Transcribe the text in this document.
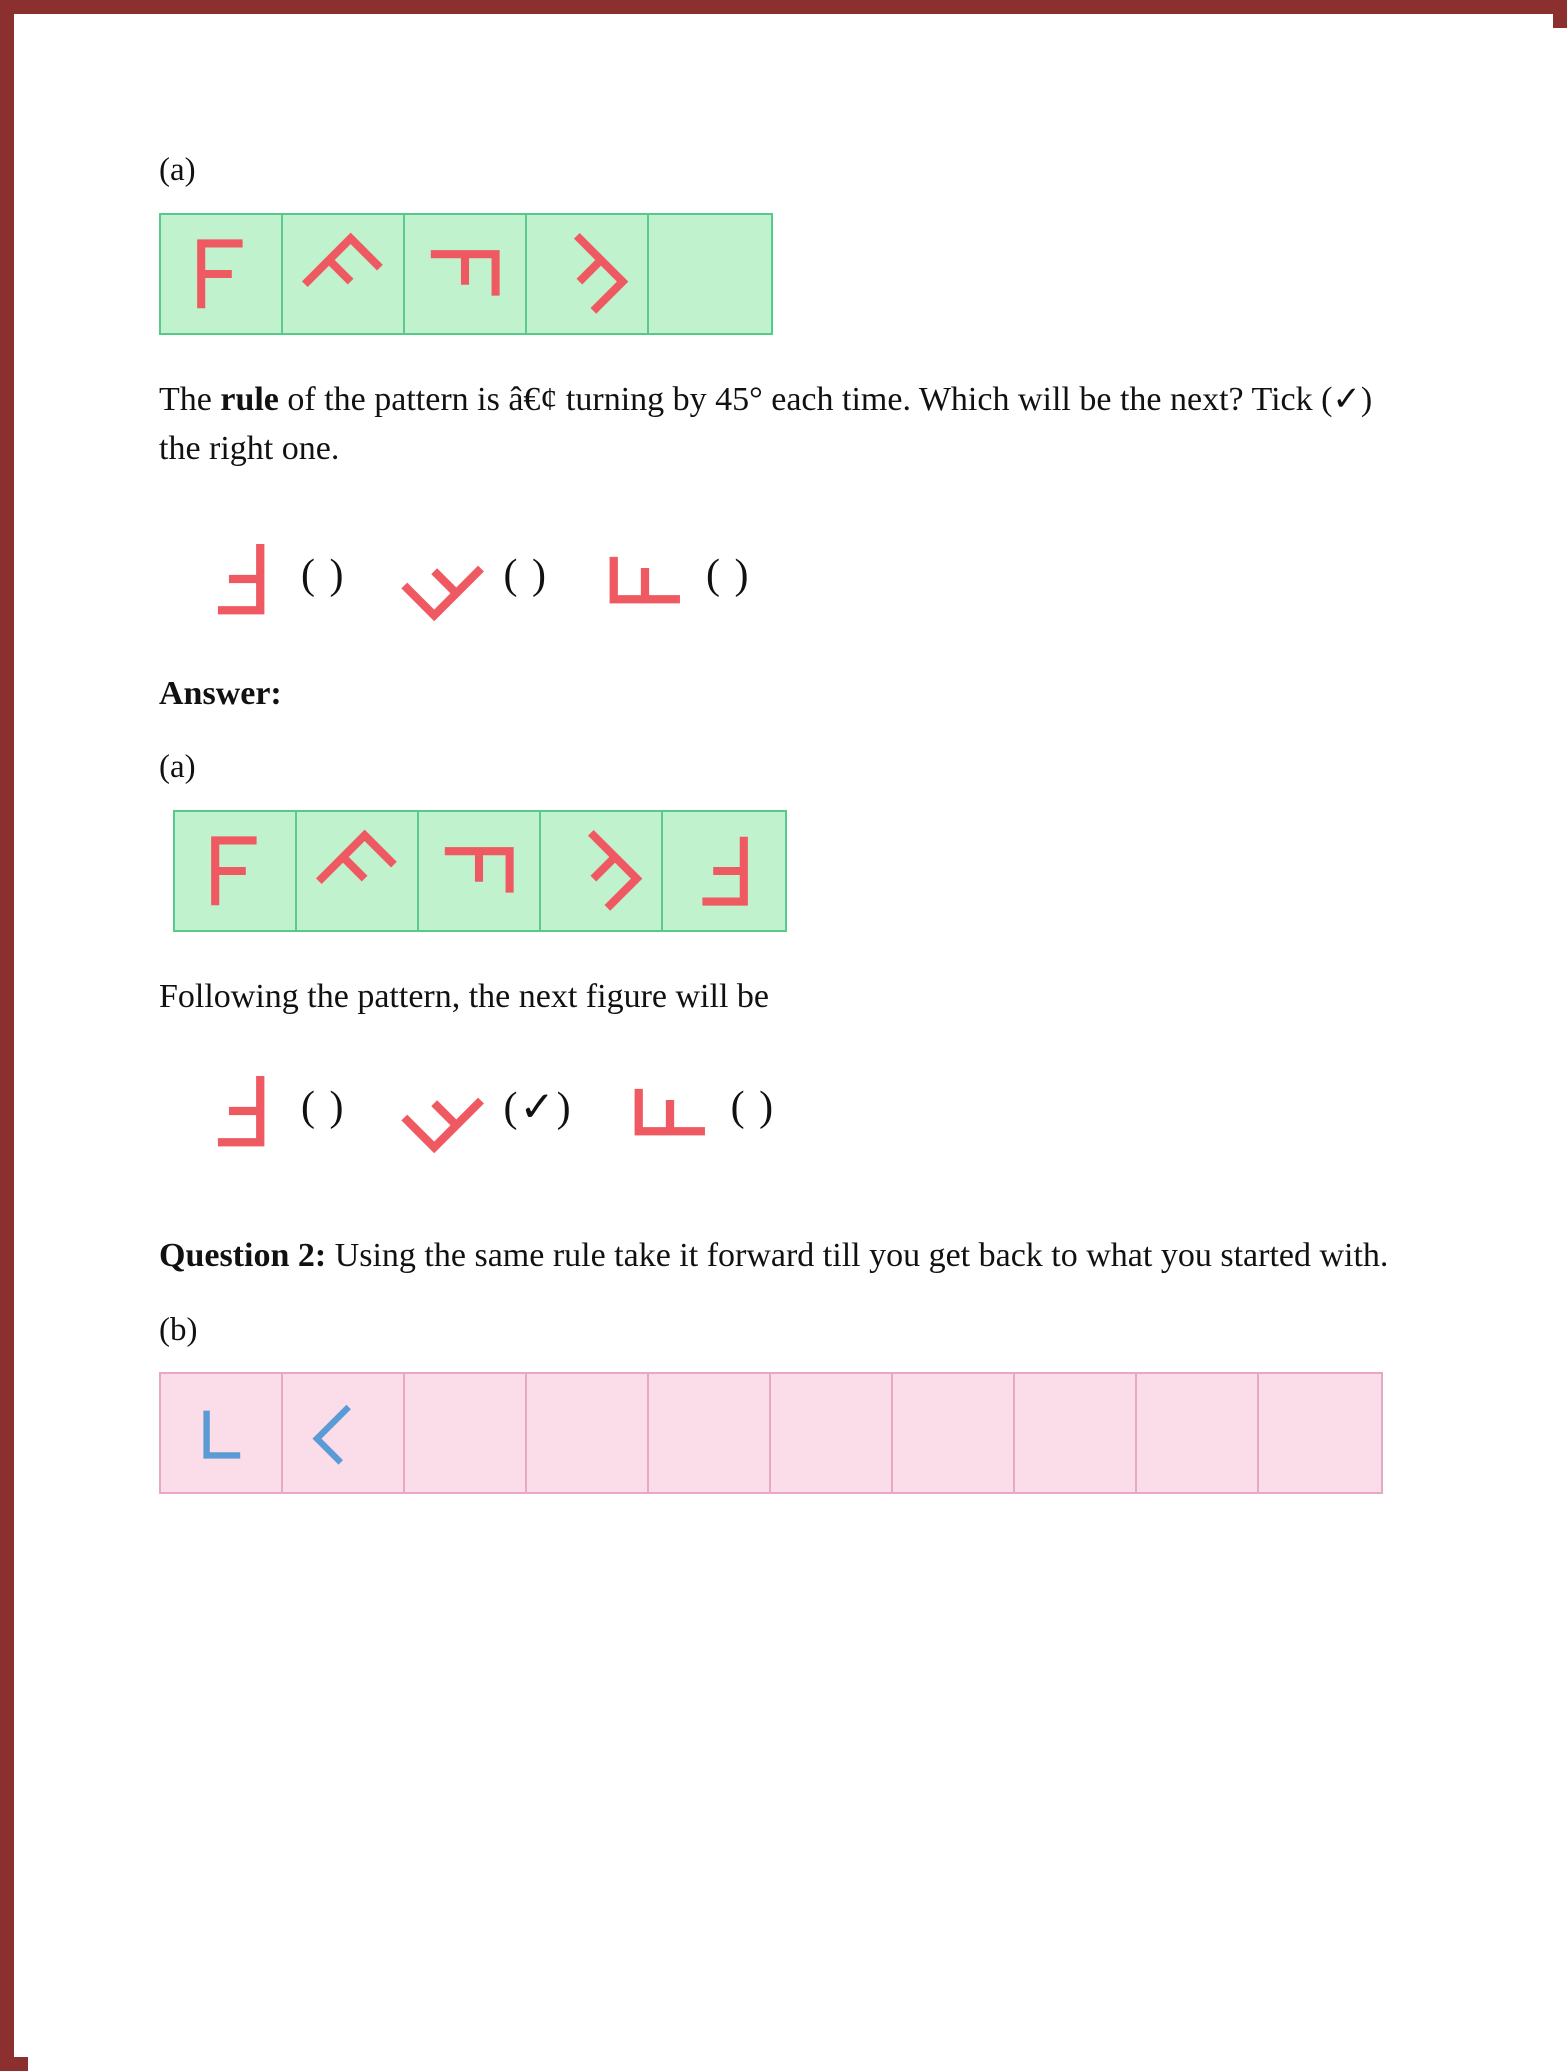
(a)

The rule of the pattern is â€¢ turning by 45° each time. Which will be the next? Tick (✓) the right one.

( )	( )	( )
Answer:
(a)

Following the pattern, the next figure will be

( )	(✓)	( )

Question 2: Using the same rule take it forward till you get back to what you started with.

(b)
